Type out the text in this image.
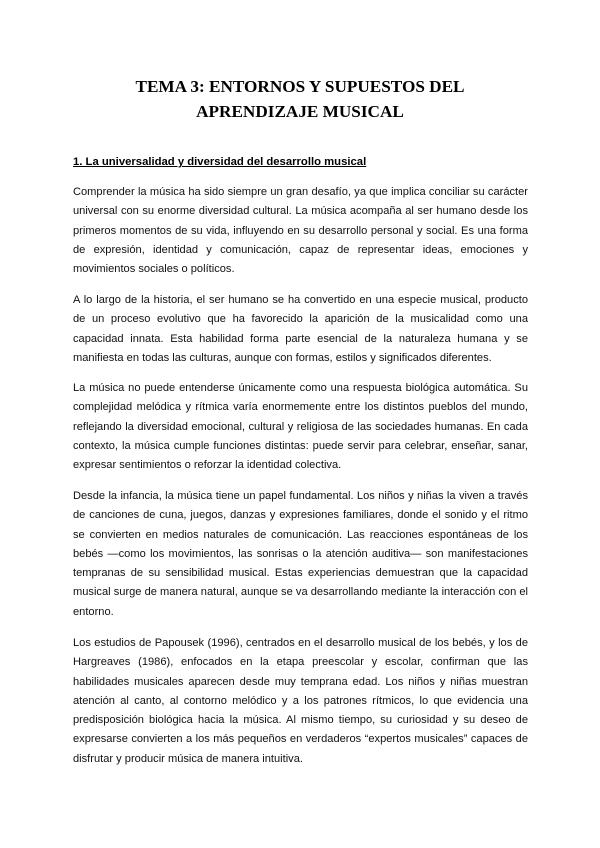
TEMA 3: ENTORNOS Y SUPUESTOS DEL
APRENDIZAJE MUSICAL
1. La universalidad y diversidad del desarrollo musical

Comprender la música ha sido siempre un gran desafío, ya que implica conciliar su carácter universal con su enorme diversidad cultural. La música acompaña al ser humano desde los primeros momentos de su vida, influyendo en su desarrollo personal y social. Es una forma de expresión, identidad y comunicación, capaz de representar ideas, emociones y movimientos sociales o políticos.

A lo largo de la historia, el ser humano se ha convertido en una especie musical, producto de un proceso evolutivo que ha favorecido la aparición de la musicalidad como una capacidad innata. Esta habilidad forma parte esencial de la naturaleza humana y se manifiesta en todas las culturas, aunque con formas, estilos y significados diferentes.

La música no puede entenderse únicamente como una respuesta biológica automática. Su complejidad melódica y rítmica varía enormemente entre los distintos pueblos del mundo, reflejando la diversidad emocional, cultural y religiosa de las sociedades humanas. En cada contexto, la música cumple funciones distintas: puede servir para celebrar, enseñar, sanar, expresar sentimientos o reforzar la identidad colectiva.

Desde la infancia, la música tiene un papel fundamental. Los niños y niñas la viven a través de canciones de cuna, juegos, danzas y expresiones familiares, donde el sonido y el ritmo se convierten en medios naturales de comunicación. Las reacciones espontáneas de los bebés —como los movimientos, las sonrisas o la atención auditiva— son manifestaciones tempranas de su sensibilidad musical. Estas experiencias demuestran que la capacidad musical surge de manera natural, aunque se va desarrollando mediante la interacción con el entorno.

Los estudios de Papousek (1996), centrados en el desarrollo musical de los bebés, y los de Hargreaves (1986), enfocados en la etapa preescolar y escolar, confirman que las habilidades musicales aparecen desde muy temprana edad. Los niños y niñas muestran atención al canto, al contorno melódico y a los patrones rítmicos, lo que evidencia una predisposición biológica hacia la música. Al mismo tiempo, su curiosidad y su deseo de expresarse convierten a los más pequeños en verdaderos “expertos musicales” capaces de disfrutar y producir música de manera intuitiva.
